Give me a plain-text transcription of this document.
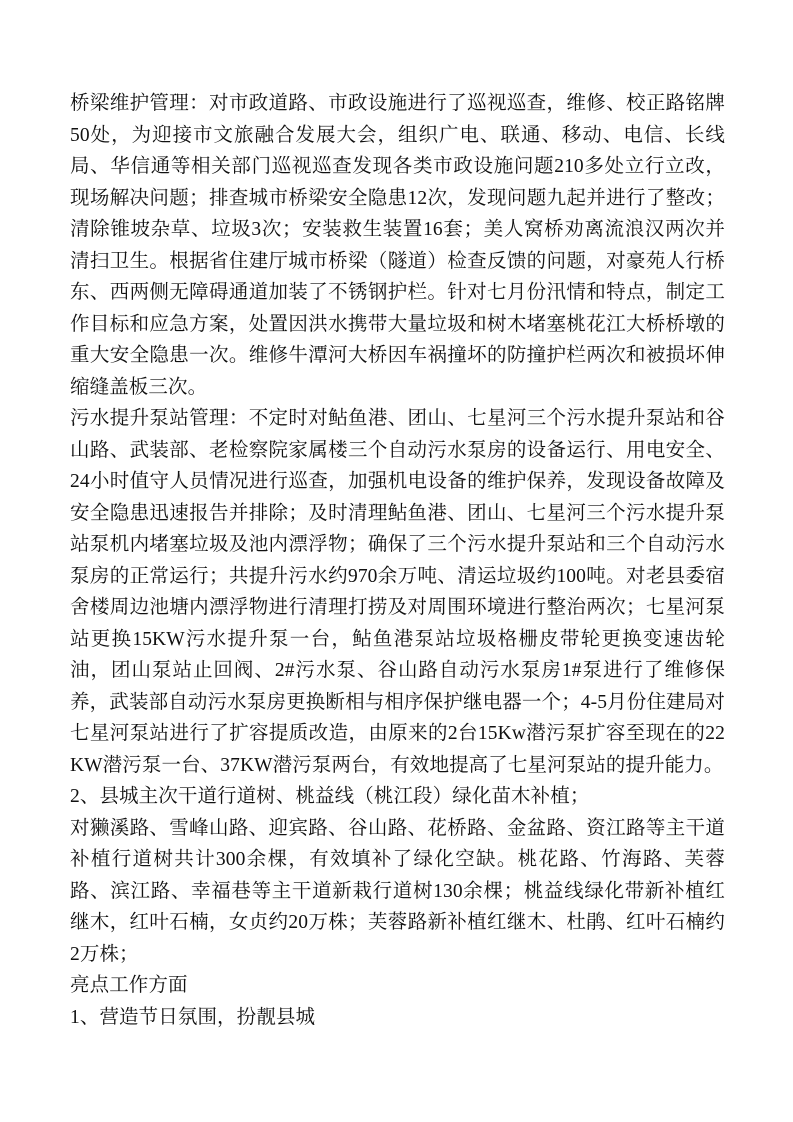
桥梁维护管理：对市政道路、市政设施进行了巡视巡查，维修、校正路铭牌50处，为迎接市文旅融合发展大会，组织广电、联通、移动、电信、长线局、华信通等相关部门巡视巡查发现各类市政设施问题210多处立行立改，现场解决问题；排查城市桥梁安全隐患12次，发现问题九起并进行了整改；清除锥坡杂草、垃圾3次；安装救生装置16套；美人窝桥劝离流浪汉两次并清扫卫生。根据省住建厅城市桥梁（隧道）检查反馈的问题，对豪苑人行桥东、西两侧无障碍通道加装了不锈钢护栏。针对七月份汛情和特点，制定工作目标和应急方案，处置因洪水携带大量垃圾和树木堵塞桃花江大桥桥墩的重大安全隐患一次。维修牛潭河大桥因车祸撞坏的防撞护栏两次和被损坏伸缩缝盖板三次。

污水提升泵站管理：不定时对鲇鱼港、团山、七星河三个污水提升泵站和谷山路、武装部、老检察院家属楼三个自动污水泵房的设备运行、用电安全、24小时值守人员情况进行巡查，加强机电设备的维护保养，发现设备故障及安全隐患迅速报告并排除；及时清理鲇鱼港、团山、七星河三个污水提升泵站泵机内堵塞垃圾及池内漂浮物；确保了三个污水提升泵站和三个自动污水泵房的正常运行；共提升污水约970余万吨、清运垃圾约100吨。对老县委宿舍楼周边池塘内漂浮物进行清理打捞及对周围环境进行整治两次；七星河泵站更换15KW污水提升泵一台，鲇鱼港泵站垃圾格栅皮带轮更换变速齿轮油，团山泵站止回阀、2#污水泵、谷山路自动污水泵房1#泵进行了维修保养，武装部自动污水泵房更换断相与相序保护继电器一个；4-5月份住建局对七星河泵站进行了扩容提质改造，由原来的2台15Kw潜污泵扩容至现在的22KW潜污泵一台、37KW潜污泵两台，有效地提高了七星河泵站的提升能力。

2、县城主次干道行道树、桃益线（桃江段）绿化苗木补植；

对獭溪路、雪峰山路、迎宾路、谷山路、花桥路、金盆路、资江路等主干道补植行道树共计300余棵，有效填补了绿化空缺。桃花路、竹海路、芙蓉路、滨江路、幸福巷等主干道新栽行道树130余棵；桃益线绿化带新补植红继木，红叶石楠，女贞约20万株；芙蓉路新补植红继木、杜鹃、红叶石楠约2万株；

亮点工作方面

1、营造节日氛围，扮靓县城
